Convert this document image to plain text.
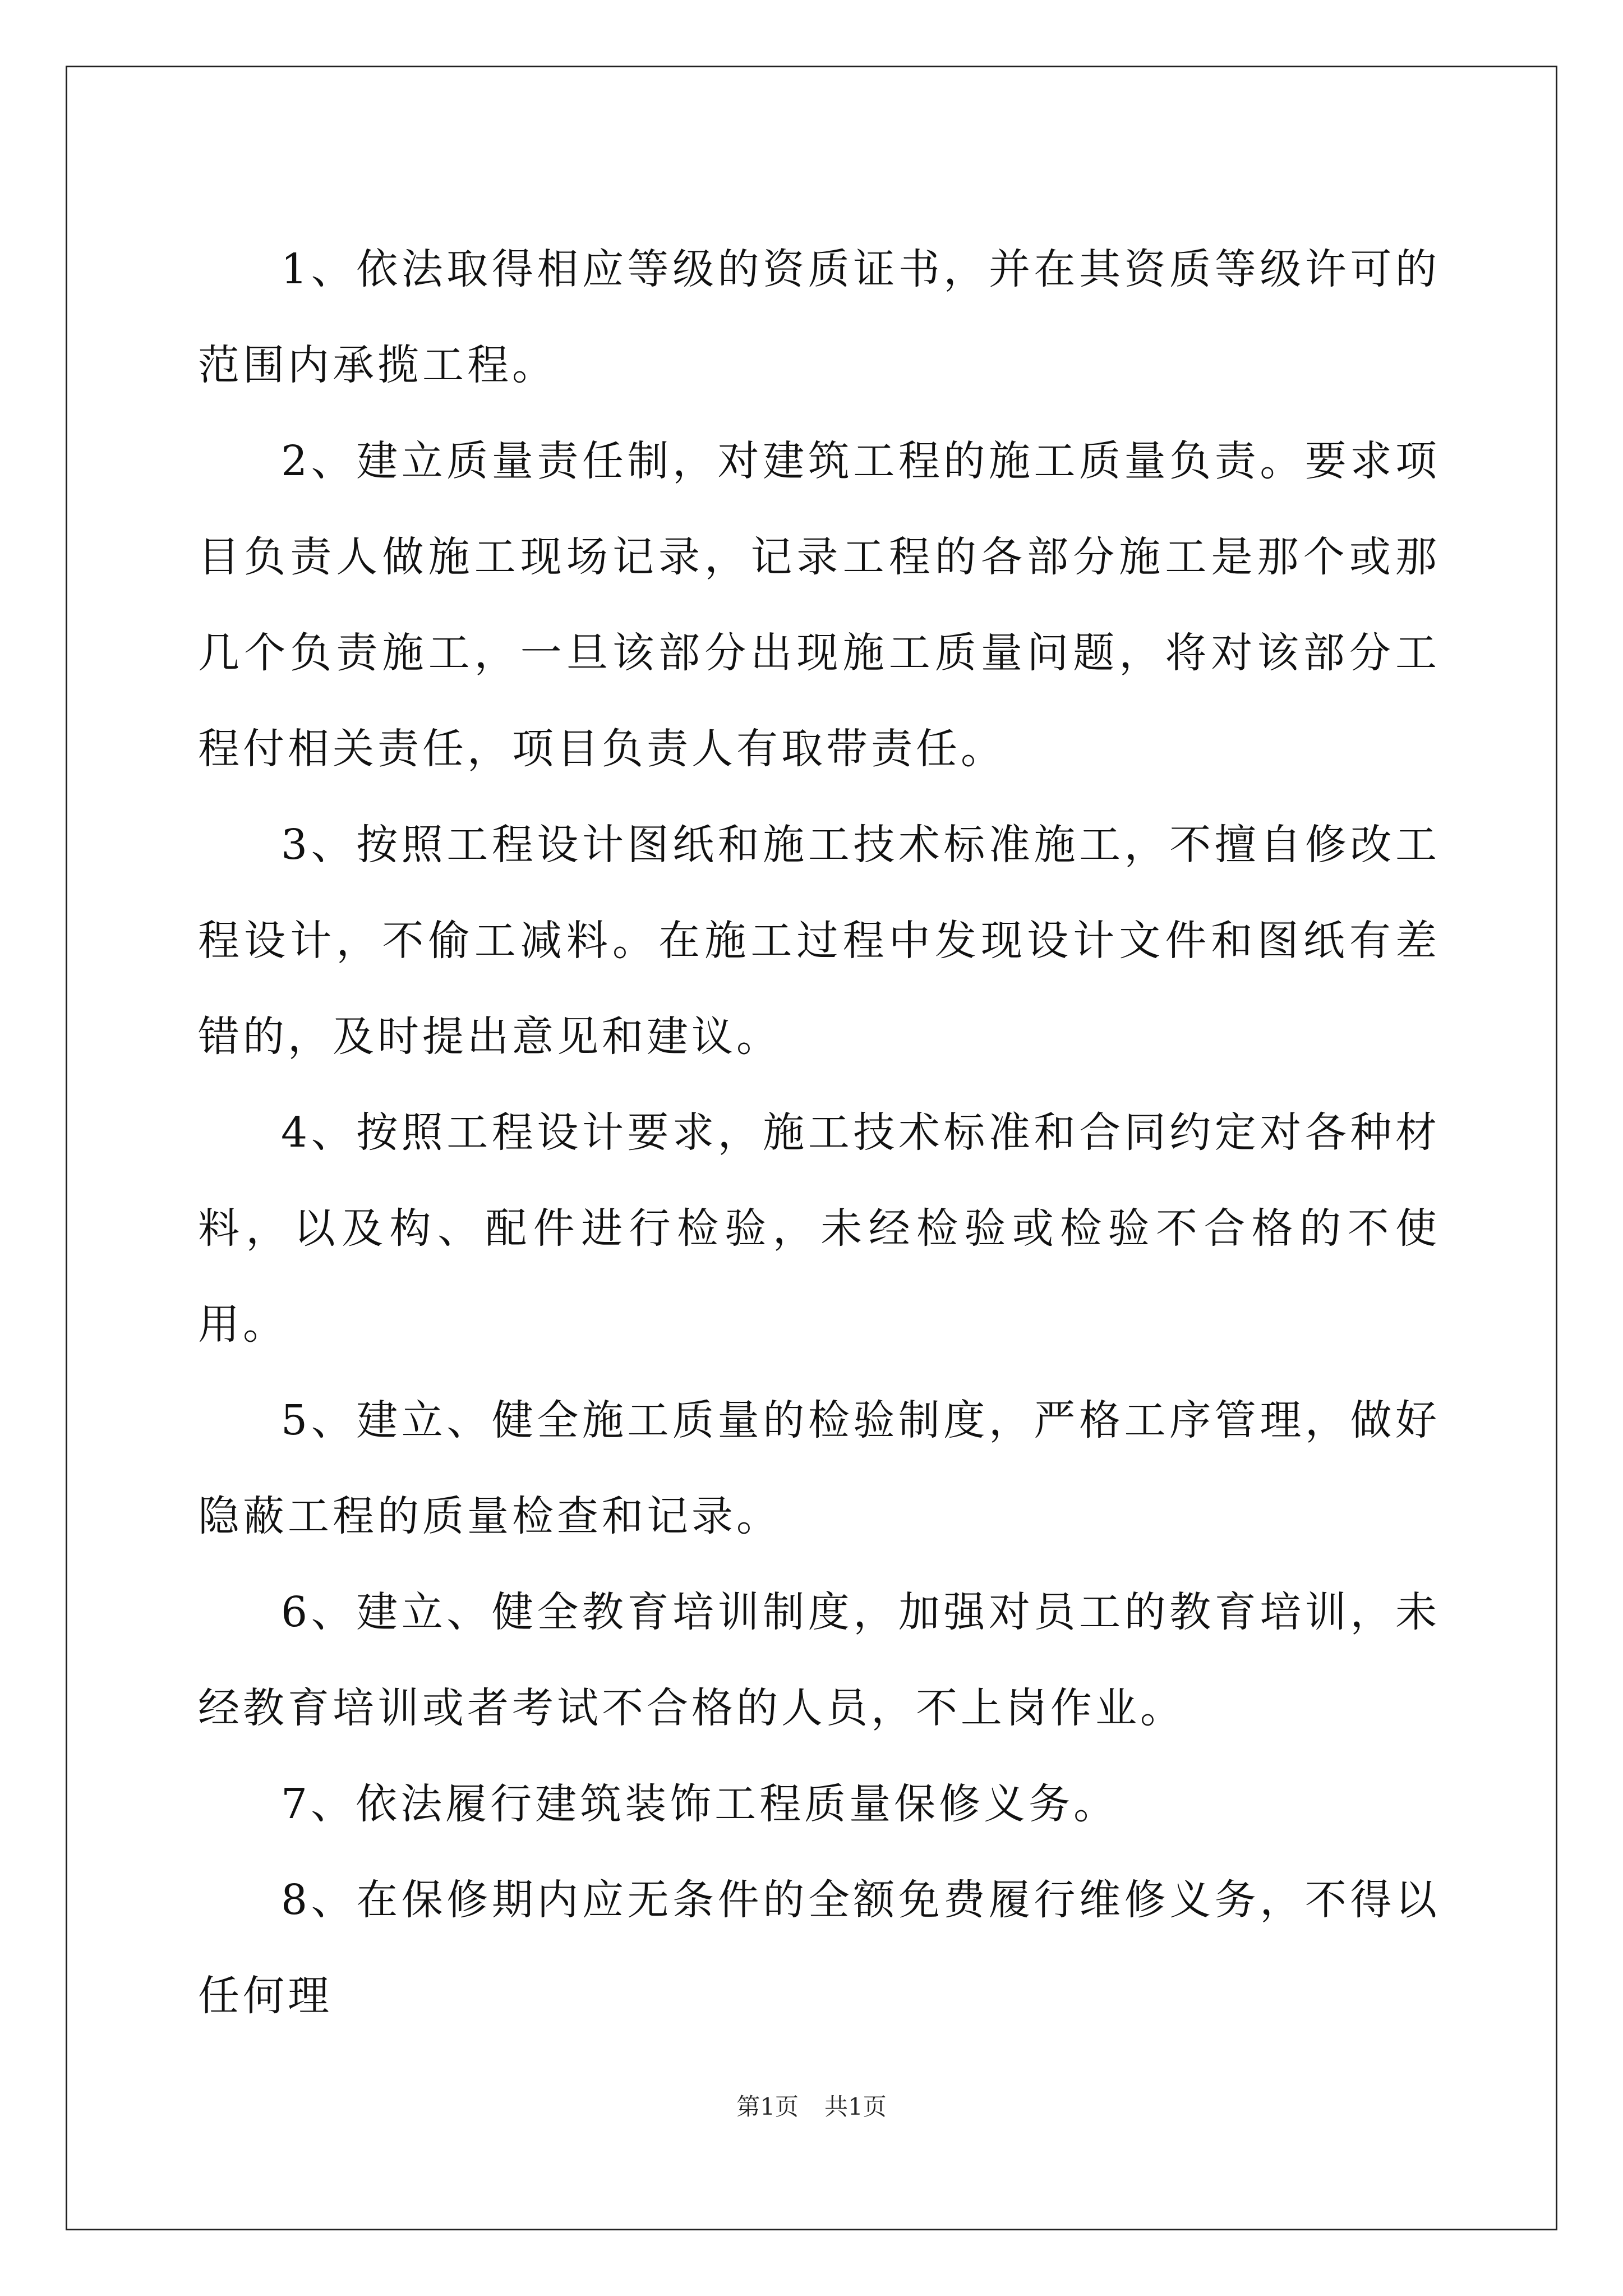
1、依法取得相应等级的资质证书，并在其资质等级许可的范围内承揽工程。

2、建立质量责任制，对建筑工程的施工质量负责。要求项目负责人做施工现场记录，记录工程的各部分施工是那个或那几个负责施工，一旦该部分出现施工质量问题，将对该部分工程付相关责任，项目负责人有取带责任。

3、按照工程设计图纸和施工技术标准施工，不擅自修改工程设计，不偷工减料。在施工过程中发现设计文件和图纸有差错的，及时提出意见和建议。

4、按照工程设计要求，施工技术标准和合同约定对各种材料，以及构、配件进行检验，未经检验或检验不合格的不使用。

5、建立、健全施工质量的检验制度，严格工序管理，做好隐蔽工程的质量检查和记录。

6、建立、健全教育培训制度，加强对员工的教育培训，未经教育培训或者考试不合格的人员，不上岗作业。

7、依法履行建筑装饰工程质量保修义务。

8、在保修期内应无条件的全额免费履行维修义务，不得以任何理

第1页 共1页
